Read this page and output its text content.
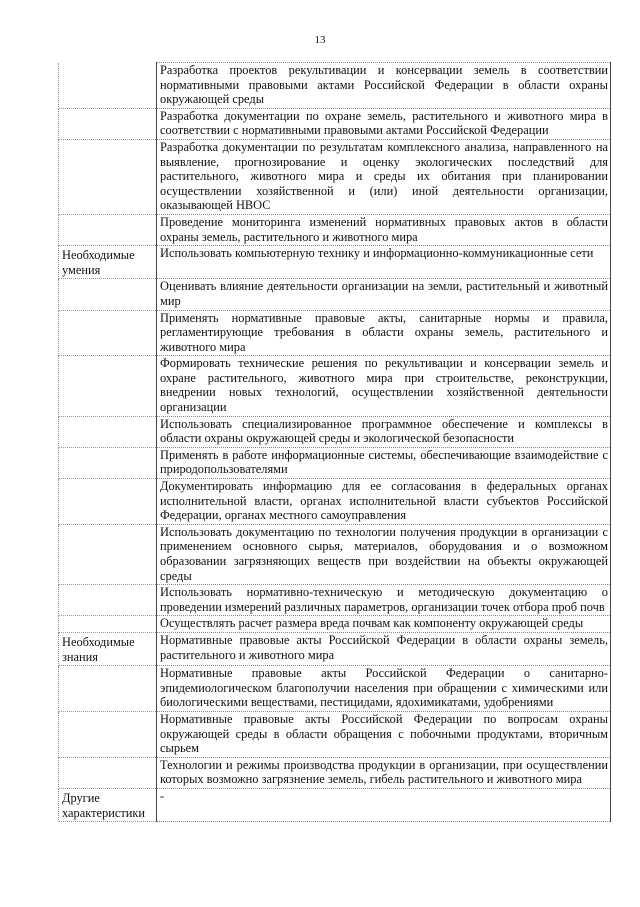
13
	Разработка проектов рекультивации и консервации земель в соответствии нормативными правовыми актами Российской Федерации в области охраны окружающей среды
	Разработка документации по охране земель, растительного и животного мира в соответствии с нормативными правовыми актами Российской Федерации
	Разработка документации по результатам комплексного анализа, направленного на выявление, прогнозирование и оценку экологических последствий для растительного, животного мира и среды их обитания при планировании осуществлении хозяйственной и (или) иной деятельности организации, оказывающей НВОС
	Проведение мониторинга изменений нормативных правовых актов в области охраны земель, растительного и животного мира
Необходимые умения	Использовать компьютерную технику и информационно-коммуникационные сети
	Оценивать влияние деятельности организации на земли, растительный и животный мир
	Применять нормативные правовые акты, санитарные нормы и правила, регламентирующие требования в области охраны земель, растительного и животного мира
	Формировать технические решения по рекультивации и консервации земель и охране растительного, животного мира при строительстве, реконструкции, внедрении новых технологий, осуществлении хозяйственной деятельности организации
	Использовать специализированное программное обеспечение и комплексы в области охраны окружающей среды и экологической безопасности
	Применять в работе информационные системы, обеспечивающие взаимодействие с природопользователями
	Документировать информацию для ее согласования в федеральных органах исполнительной власти, органах исполнительной власти субъектов Российской Федерации, органах местного самоуправления
	Использовать документацию по технологии получения продукции в организации с применением основного сырья, материалов, оборудования и о возможном образовании загрязняющих веществ при воздействии на объекты окружающей среды
	Использовать нормативно-техническую и методическую документацию о проведении измерений различных параметров, организации точек отбора проб почв
	Осуществлять расчет размера вреда почвам как компоненту окружающей среды
Необходимые знания	Нормативные правовые акты Российской Федерации в области охраны земель, растительного и животного мира
	Нормативные правовые акты Российской Федерации о санитарно-эпидемиологическом благополучии населения при обращении с химическими или биологическими веществами, пестицидами, ядохимикатами, удобрениями
	Нормативные правовые акты Российской Федерации по вопросам охраны окружающей среды в области обращения с побочными продуктами, вторичным сырьем
	Технологии и режимы производства продукции в организации, при осуществлении которых возможно загрязнение земель, гибель растительного и животного мира
Другие характеристики	-
